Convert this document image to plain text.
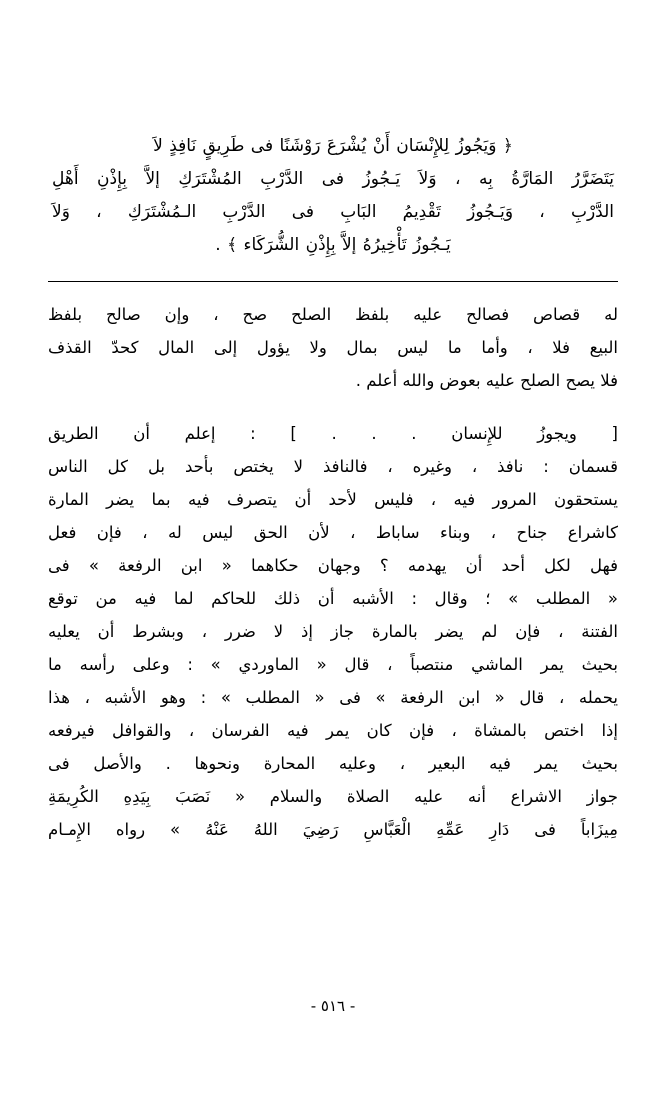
﴿ وَيَجُوزُ لِلإِنْسَان أَنْ يُشْرَعَ رَوْشَنًا فى طَرِيقٍ نَافِذٍ لاَ
يَتَضَرَّرُ المَارَّةُ بِه ، وَلاَ يَـجُوزُ فى الدَّرْبِ المُشْتَرَكِ إلاَّ بِإِذْنِ أَهْلِ
الدَّرْبِ ، وَيَـجُوزُ تَقْدِيمُ البَابِ فى الدَّرْبِ الـمُشْتَرَكِ ، وَلاَ
يَـجُوزُ تَأْخِيرُهُ إلاَّ بِإِذْنِ الشُّرَكَاء ﴾ .
له قصاص فصالح عليه بلفظ الصلح صح ، وإن صالح بلفظ
البيع فلا ، وأما ما ليس بمال ولا يؤول إلى المال كحدّ القذف
فلا يصح الصلح عليه بعوض والله أعلم .
[ ويجوزُ للإِنسان . . . ] : إعلم أن الطريق
قسمان : نافذ ، وغيره ، فالنافذ لا يختص بأحد بل كل الناس
يستحقون المرور فيه ، فليس لأحد أن يتصرف فيه بما يضر المارة
كاشراع جناح ، وبناء ساباط ، لأن الحق ليس له ، فإن فعل
فهل لكل أحد أن يهدمه ؟ وجهان حكاهما « ابن الرفعة » فى
« المطلب » ؛ وقال : الأشبه أن ذلك للحاكم لما فيه من توقع
الفتنة ، فإن لم يضر بالمارة جاز إذ لا ضرر ، وبشرط أن يعليه
بحيث يمر الماشي منتصباً ، قال « الماوردي » : وعلى رأسه ما
يحمله ، قال « ابن الرفعة » فى « المطلب » : وهو الأشبه ، هذا
إذا اختص بالمشاة ، فإن كان يمر فيه الفرسان ، والقوافل فيرفعه
بحيث يمر فيه البعير ، وعليه المحارة ونحوها . والأصل فى
جواز الاشراع أنه عليه الصلاة والسلام « نَصَبَ بِيَدِهِ الكُرِيمَةِ
مِيزَاباً فى دَارِ عَمِّهِ الْعَبَّاسِ رَضِيَ اللهُ عَنْهُ » رواه الإِمـام
- ٥١٦ -
